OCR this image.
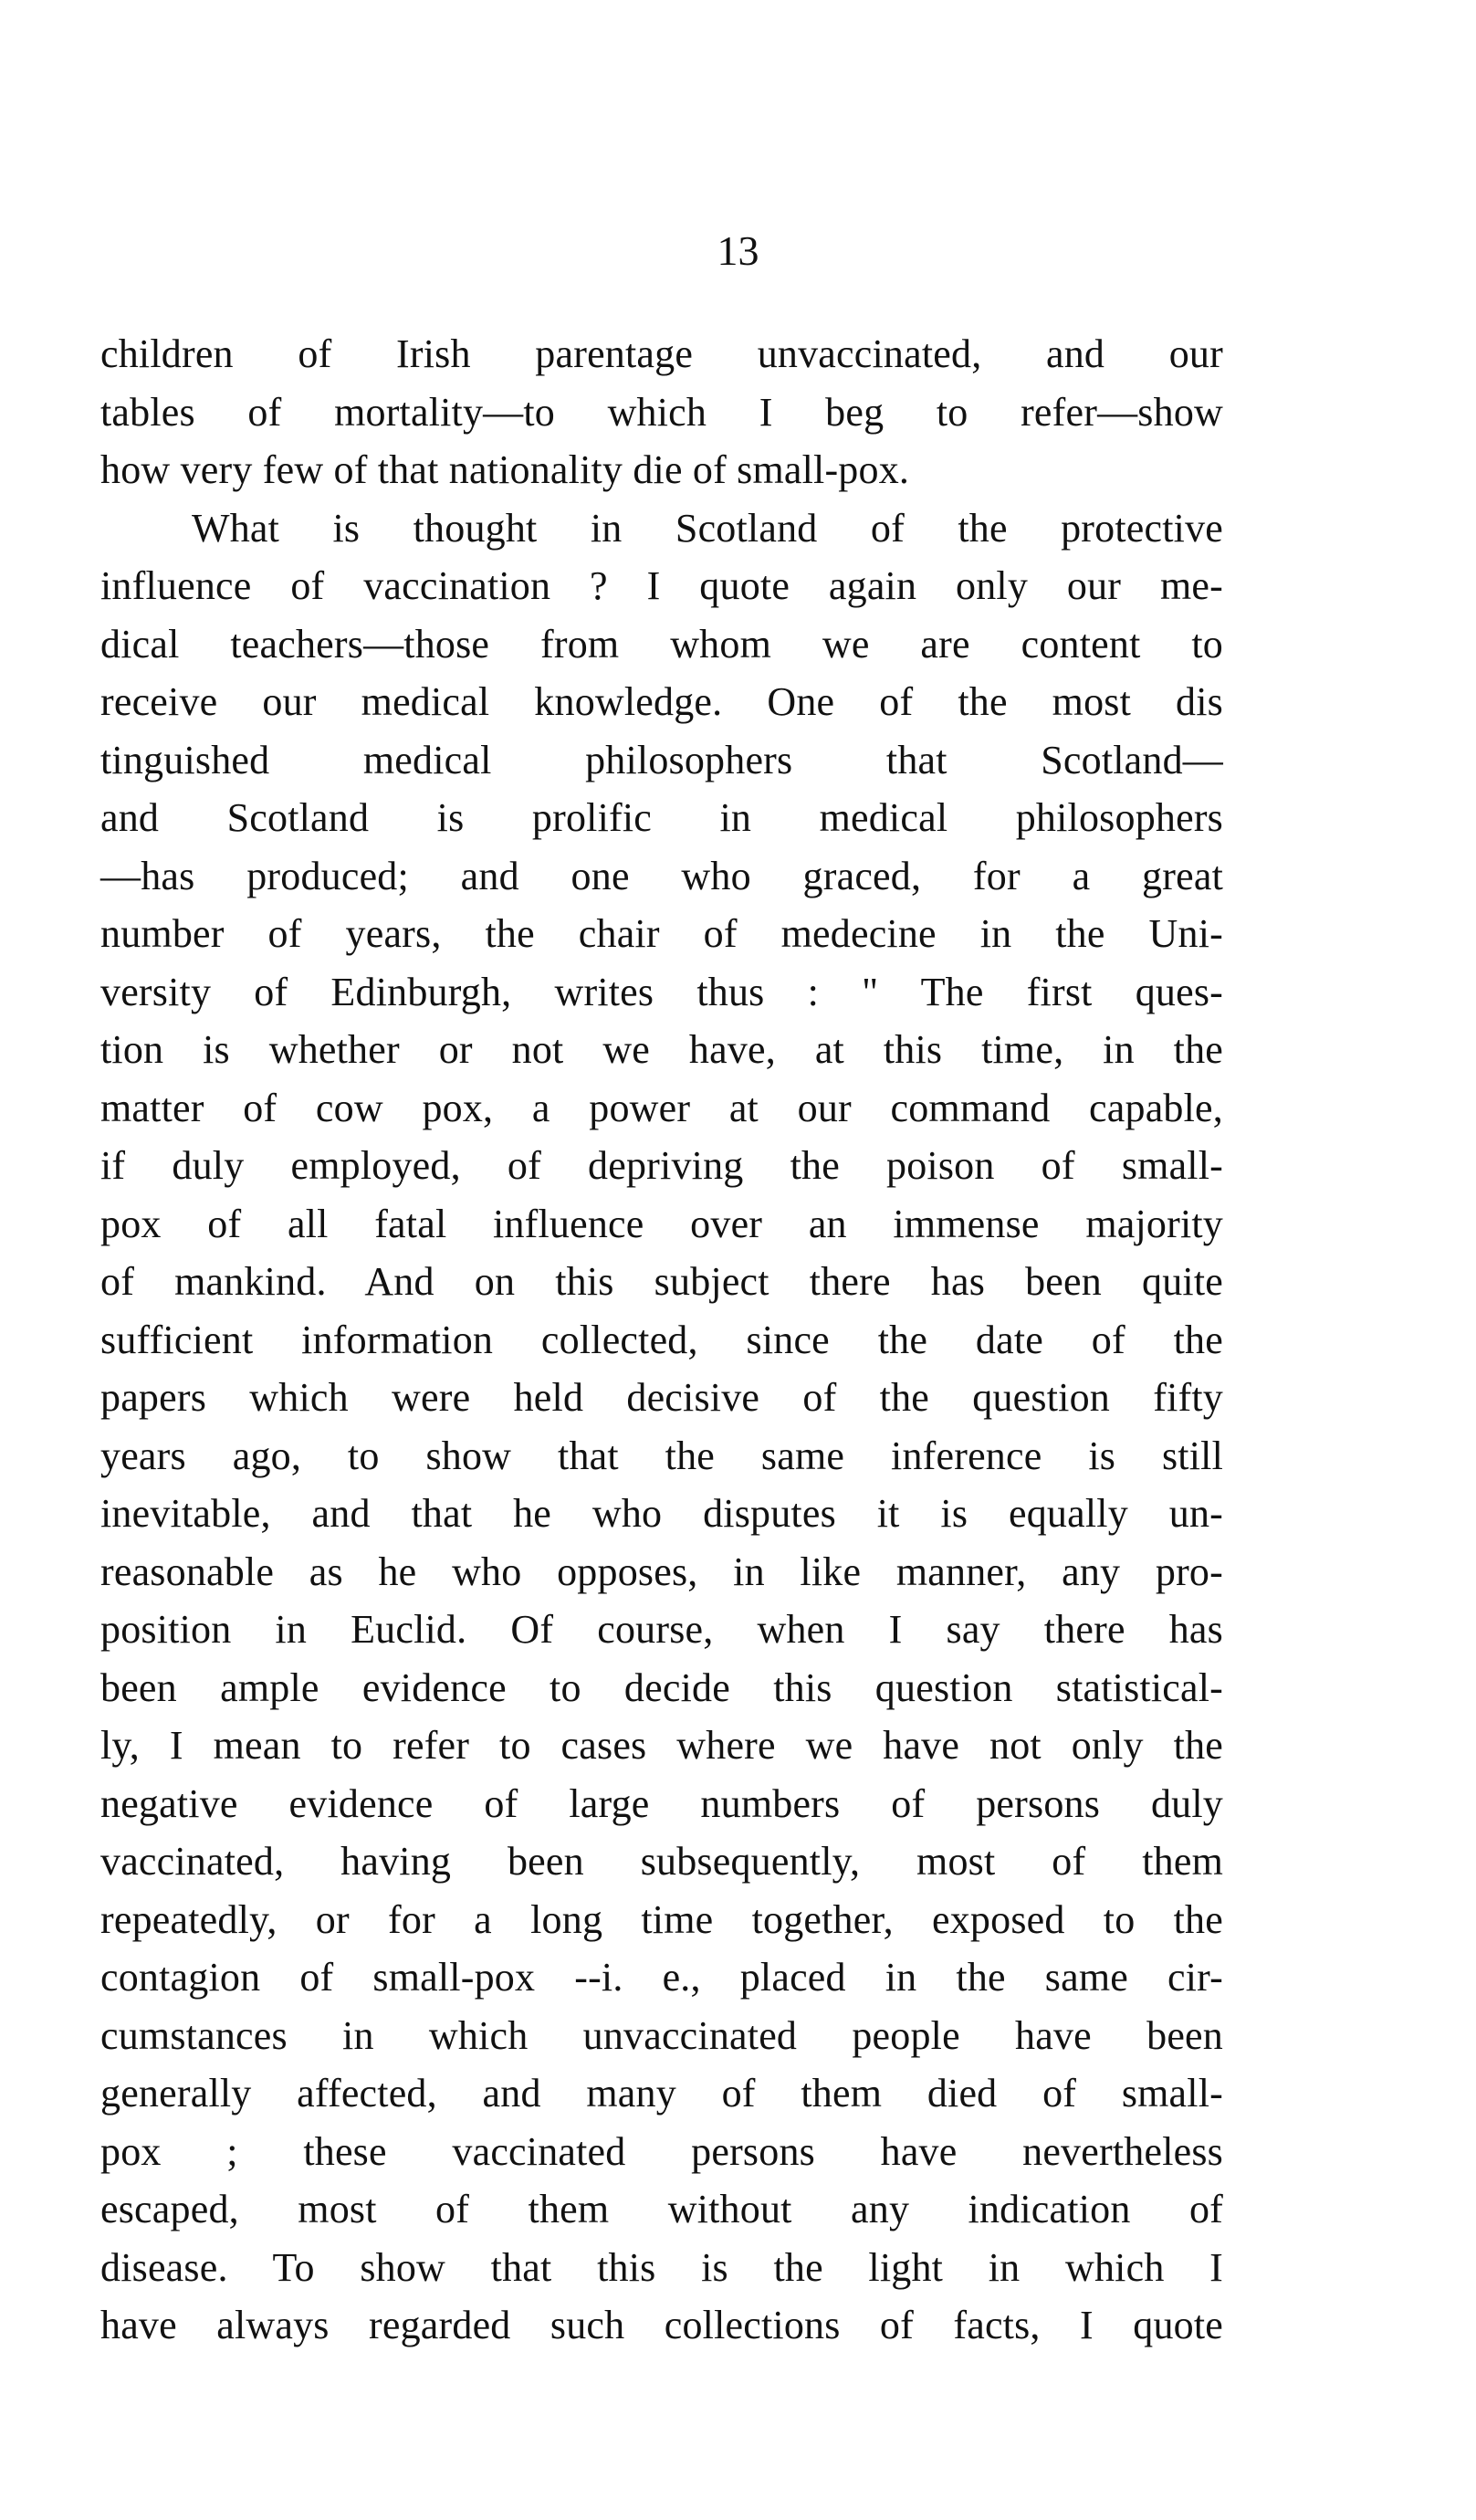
13
children of Irish parentage unvaccinated, and our
tables of mortality—to which I beg to refer—show
how very few of that nationality die of small-pox.
What is thought in Scotland of the protective
influence of vaccination ? I quote again only our me-
dical teachers—those from whom we are content to
receive our medical knowledge. One of the most dis
tinguished medical philosophers that Scotland—
and Scotland is prolific in medical philosophers
—has produced; and one who graced, for a great
number of years, the chair of medecine in the Uni-
versity of Edinburgh, writes thus : " The first ques-
tion is whether or not we have, at this time, in the
matter of cow pox, a power at our command capable,
if duly employed, of depriving the poison of small-
pox of all fatal influence over an immense majority
of mankind. And on this subject there has been quite
sufficient information collected, since the date of the
papers which were held decisive of the question fifty
years ago, to show that the same inference is still
inevitable, and that he who disputes it is equally un-
reasonable as he who opposes, in like manner, any pro-
position in Euclid. Of course, when I say there has
been ample evidence to decide this question statistical-
ly, I mean to refer to cases where we have not only the
negative evidence of large numbers of persons duly
vaccinated, having been subsequently, most of them
repeatedly, or for a long time together, exposed to the
contagion of small-pox --i. e., placed in the same cir-
cumstances in which unvaccinated people have been
generally affected, and many of them died of small-
pox ; these vaccinated persons have nevertheless
escaped, most of them without any indication of
disease. To show that this is the light in which I
have always regarded such collections of facts, I quote
